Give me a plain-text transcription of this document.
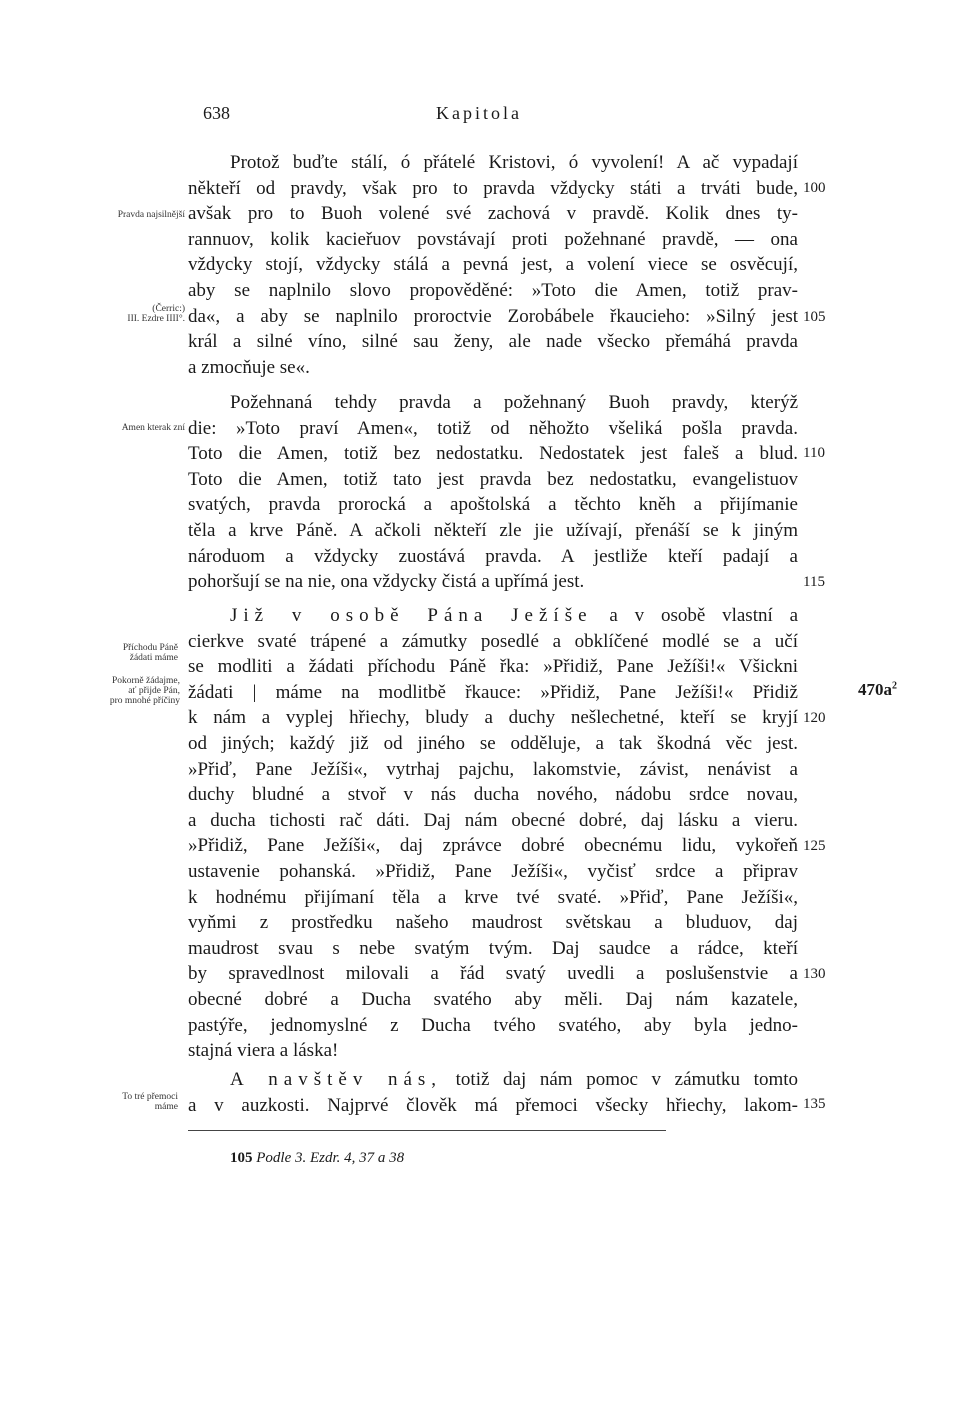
638	Kapitola
Protož buďte stálí, ó přátelé Kristovi, ó vyvolení! A ač vypadají
někteří od pravdy, však pro to pravda vždycky státi a trváti bude,
avšak pro to Buoh volené své zachová v pravdě. Kolik dnes ty-
rannuov, kolik kacieřuov povstávají proti požehnané pravdě, — ona
vždycky stojí, vždycky stálá a pevná jest, a volení viece se osvěcují,
aby se naplnilo slovo propověděné: »Toto die Amen, totiž prav-
da«, a aby se naplnilo proroctvie Zorobábele řkaucieho: »Silný jest
král a silné víno, silné sau ženy, ale nade všecko přemáhá pravda
a zmocňuje se«.
Požehnaná tehdy pravda a požehnaný Buoh pravdy, kterýž
die: »Toto praví Amen«, totiž od něhožto všeliká pošla pravda.
Toto die Amen, totiž bez nedostatku. Nedostatek jest faleš a blud.
Toto die Amen, totiž tato jest pravda bez nedostatku, evangelistuov
svatých, pravda prorocká a apoštolská a těchto kněh a přijímanie
těla a krve Páně. A ačkoli někteří zle jie užívají, přenáší se k jiným
národuom a vždycky zuostává pravda. A jestliže kteří padají a
pohoršují se na nie, ona vždycky čistá a upřímá jest.
Již v osobě Pána Ježíše a v osobě vlastní a
cierkve svaté trápené a zámutky posedlé a obklíčené modlé se a učí
se modliti a žádati příchodu Páně řka: »Přidiž, Pane Ježíši!« Všickni
žádati | máme na modlitbě řkauce: »Přidiž, Pane Ježíši!« Přidiž
k nám a vyplej hřiechy, bludy a duchy nešlechetné, kteří se kryjí
od jiných; každý již od jiného se odděluje, a tak škodná věc jest.
»Přiď, Pane Ježíši«, vytrhaj pajchu, lakomstvie, závist, nenávist a
duchy bludné a stvoř v nás ducha nového, nádobu srdce novau,
a ducha tichosti rač dáti. Daj nám obecné dobré, daj lásku a vieru.
»Přidiž, Pane Ježíši«, daj zprávce dobré obecnému lidu, vykořeň
ustavenie pohanská. »Přidiž, Pane Ježíši«, vyčisť srdce a připrav
k hodnému přijímaní těla a krve tvé svaté. »Přiď, Pane Ježíši«,
vyňmi z prostředku našeho maudrost světskau a bluduov, daj
maudrost svau s nebe svatým tvým. Daj saudce a rádce, kteří
by spravedlnost milovali a řád svatý uvedli a poslušenstvie a
obecné dobré a Ducha svatého aby měli. Daj nám kazatele,
pastýře, jednomyslné z Ducha tvého svatého, aby byla jedno-
stajná viera a láska!
A navštěv nás, totiž daj nám pomoc v zámutku tomto
a v auzkosti. Najprvé člověk má přemoci všecky hřiechy, lakom-
100
105
110
115
120
125
130
135
Pravda najsilnější
(Čerric:)
III. Ezdre IIII°.
Amen kterak zní
Příchodu Páně
žádati máme
Pokorně žádajme,
ať přijde Pán,
pro mnohé příčiny
To tré přemoci
máme
$470a^2$
105 Podle 3. Ezdr. 4, 37 a 38
